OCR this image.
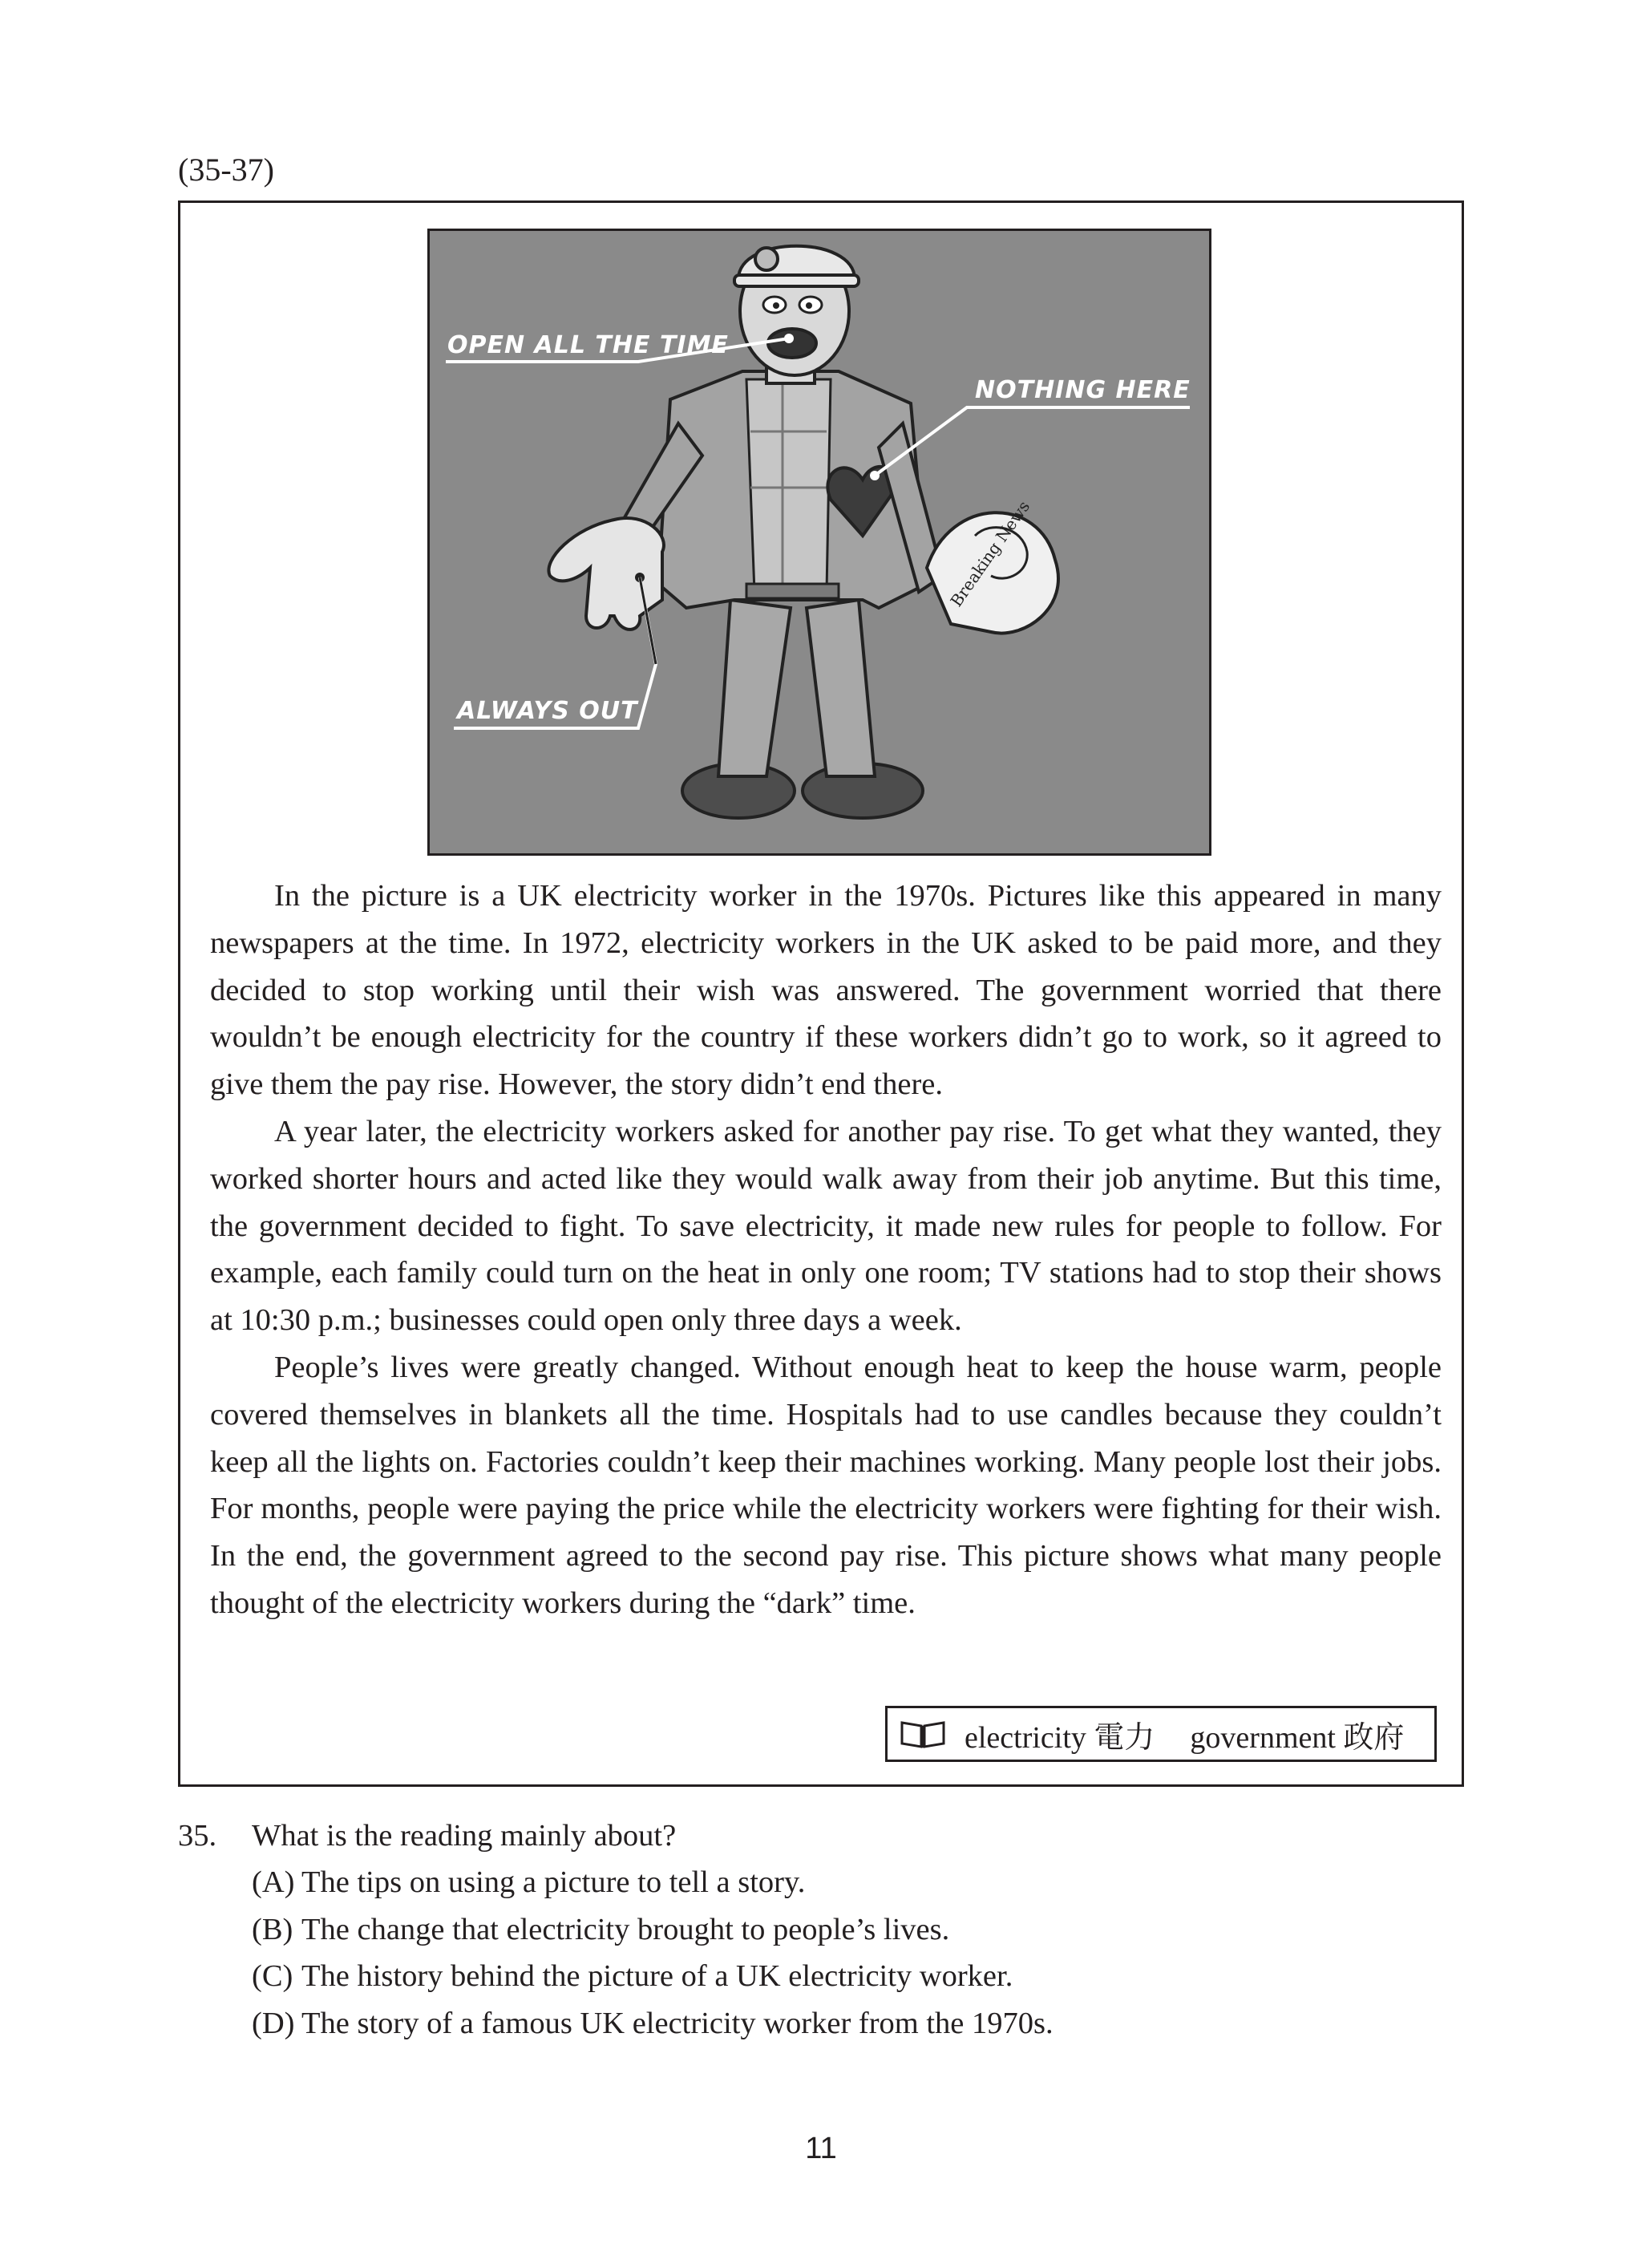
(35-37)
Breaking News
OPEN ALL THE TIME
NOTHING HERE
ALWAYS OUT

In the picture is a UK electricity worker in the 1970s. Pictures like this appeared in many newspapers at the time. In 1972, electricity workers in the UK asked to be paid more, and they decided to stop working until their wish was answered. The government worried that there wouldn’t be enough electricity for the country if these workers didn’t go to work, so it agreed to give them the pay rise. However, the story didn’t end there.

A year later, the electricity workers asked for another pay rise. To get what they wanted, they worked shorter hours and acted like they would walk away from their job anytime. But this time, the government decided to fight. To save electricity, it made new rules for people to follow. For example, each family could turn on the heat in only one room; TV stations had to stop their shows at 10:30 p.m.; businesses could open only three days a week.

People’s lives were greatly changed. Without enough heat to keep the house warm, people covered themselves in blankets all the time. Hospitals had to use candles because they couldn’t keep all the lights on. Factories couldn’t keep their machines working. Many people lost their jobs. For months, people were paying the price while the electricity workers were fighting for their wish. In the end, the government agreed to the second pay rise. This picture shows what many people thought of the electricity workers during the “dark” time.

electricity 電力 government 政府
35.	What is the reading mainly about?
(A) The tips on using a picture to tell a story.
(B) The change that electricity brought to people’s lives.
(C) The history behind the picture of a UK electricity worker.
(D) The story of a famous UK electricity worker from the 1970s.
11
